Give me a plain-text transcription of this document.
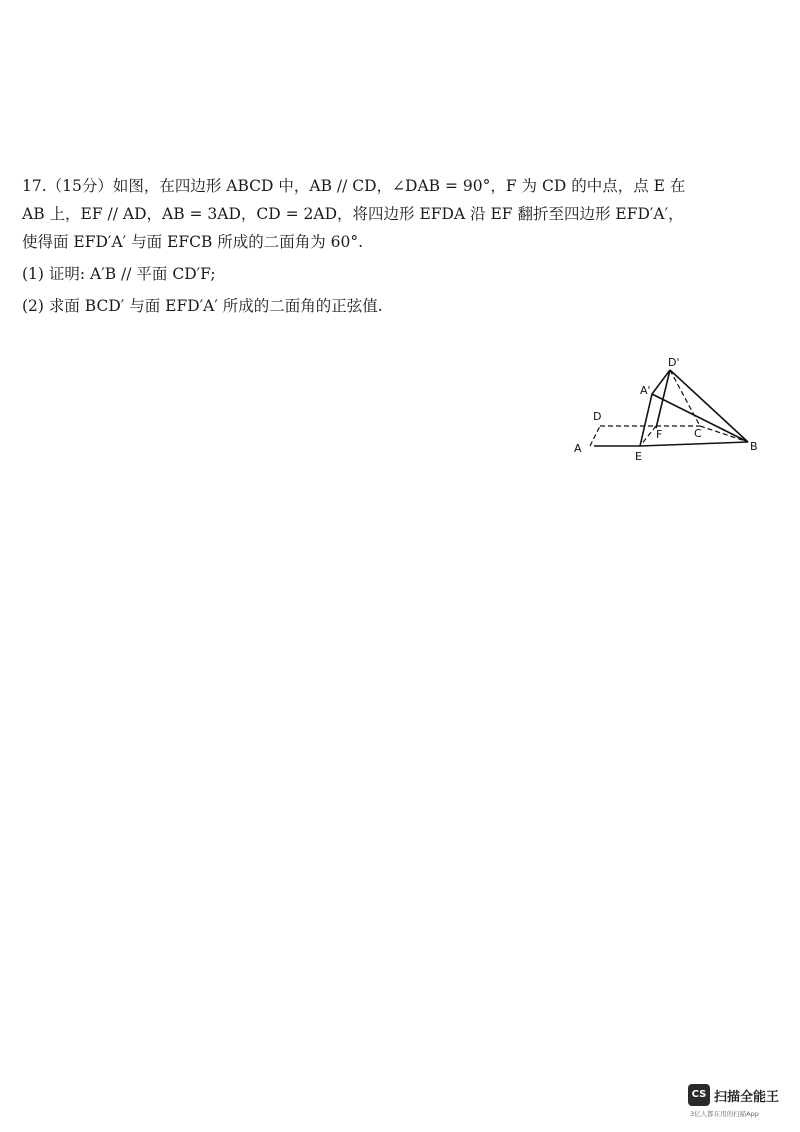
17.（15分）如图，在四边形 ABCD 中，AB // CD，∠DAB = 90°，F 为 CD 的中点，点 E 在

AB 上，EF // AD，AB = 3AD，CD = 2AD，将四边形 EFDA 沿 EF 翻折至四边形 EFD′A′，

使得面 EFD′A′ 与面 EFCB 所成的二面角为 60°.

(1) 证明: A′B // 平面 CD′F;

(2) 求面 BCD′ 与面 EFD′A′ 所成的二面角的正弦值.

D'
A'
D
A
F	C
E
B
CS 扫描全能王
3亿人都在用的扫描App
